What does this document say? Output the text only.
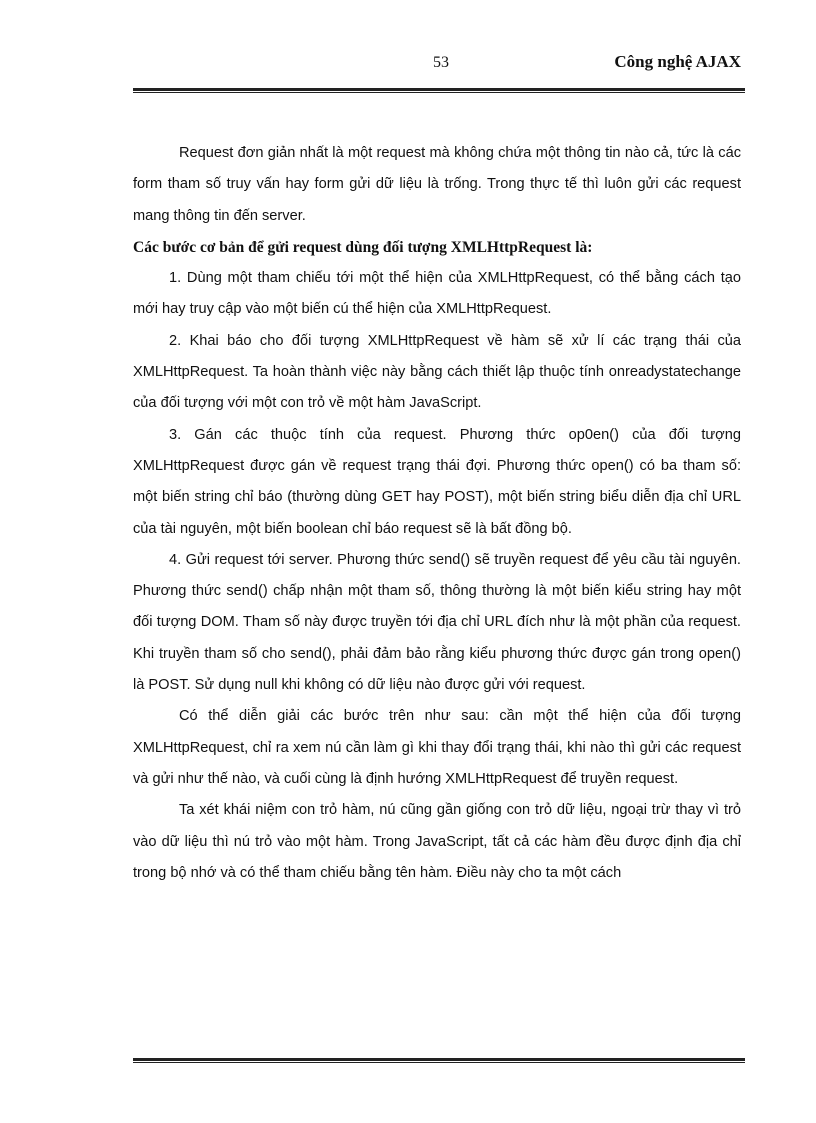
53	Công nghệ AJAX

Request đơn giản nhất là một request mà không chứa một thông tin nào cả, tức là các form tham số truy vấn hay form gửi dữ liệu là trống. Trong thực tế thì luôn gửi các request mang thông tin đến server.

Các bước cơ bản để gửi request dùng đối tượng XMLHttpRequest là:

1. Dùng một tham chiếu tới một thể hiện của XMLHttpRequest, có thể bằng cách tạo mới hay truy cập vào một biến cú thể hiện của XMLHttpRequest.

2. Khai báo cho đối tượng XMLHttpRequest về hàm sẽ xử lí các trạng thái của XMLHttpRequest. Ta hoàn thành việc này bằng cách thiết lập thuộc tính onreadystatechange của đối tượng với một con trỏ về một hàm JavaScript.

3. Gán các thuộc tính của request. Phương thức op0en() của đối tượng XMLHttpRequest được gán về request trạng thái đợi. Phương thức open() có ba tham số: một biến string chỉ báo (thường dùng GET hay POST), một biến string biểu diễn địa chỉ URL của tài nguyên, một biến boolean chỉ báo request sẽ là bất đồng bộ.

4. Gửi request tới server. Phương thức send() sẽ truyền request để yêu cầu tài nguyên. Phương thức send() chấp nhận một tham số, thông thường là một biến kiểu string hay một đối tượng DOM. Tham số này được truyền tới địa chỉ URL đích như là một phần của request. Khi truyền tham số cho send(), phải đảm bảo rằng kiểu phương thức được gán trong open() là POST. Sử dụng null khi không có dữ liệu nào được gửi với request.

Có thể diễn giải các bước trên như sau: cần một thể hiện của đối tượng XMLHttpRequest, chỉ ra xem nú cần làm gì khi thay đổi trạng thái, khi nào thì gửi các request và gửi như thế nào, và cuối cùng là định hướng XMLHttpRequest để truyền request.

Ta xét khái niệm con trỏ hàm, nú cũng gần giống con trỏ dữ liệu, ngoại trừ thay vì trỏ vào dữ liệu thì nú trỏ vào một hàm. Trong JavaScript, tất cả các hàm đều được định địa chỉ trong bộ nhớ và có thể tham chiếu bằng tên hàm. Điều này cho ta một cách
